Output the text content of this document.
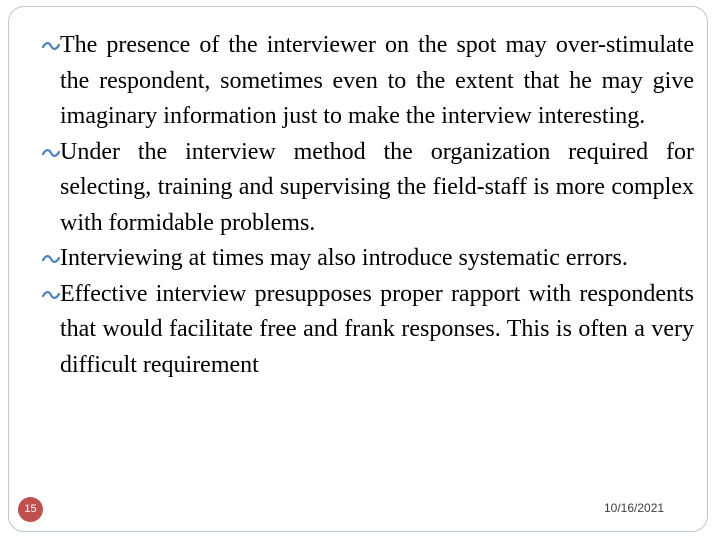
The presence of the interviewer on the spot may over-stimulate the respondent, sometimes even to the extent that he may give imaginary information just to make the interview interesting.
Under the interview method the organization required for selecting, training and supervising the field-staff is more complex with formidable problems.
Interviewing at times may also introduce systematic errors.
Effective interview presupposes proper rapport with respondents that would facilitate free and frank responses. This is often a very difficult requirement
15	10/16/2021
